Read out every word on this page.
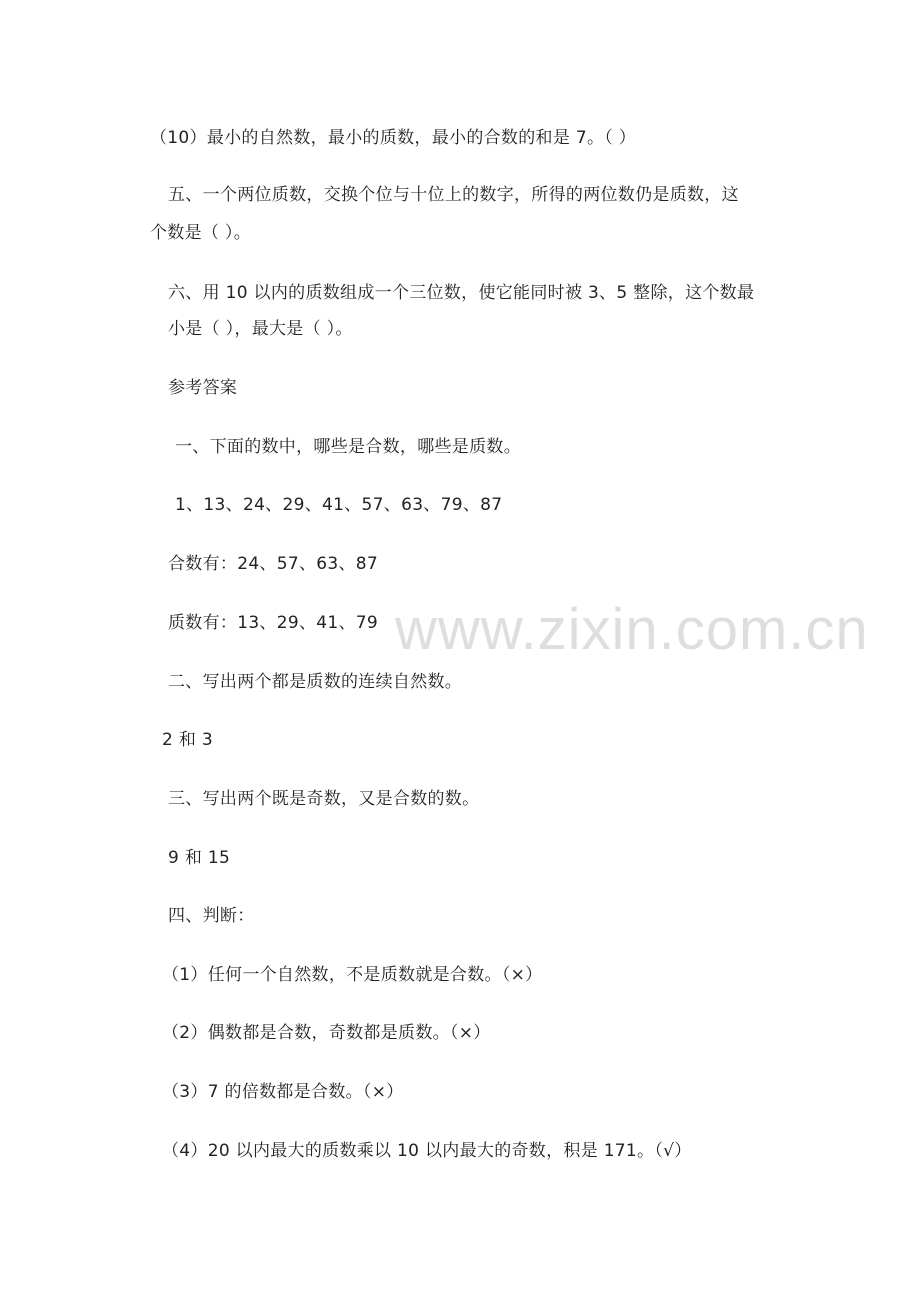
（10）最小的自然数，最小的质数，最小的合数的和是 7。（ ）
五、一个两位质数，交换个位与十位上的数字，所得的两位数仍是质数，这
个数是（ ）。
六、用 10 以内的质数组成一个三位数，使它能同时被 3、5 整除，这个数最
小是（ ），最大是（ ）。
参考答案
一、下面的数中，哪些是合数，哪些是质数。
1、13、24、29、41、57、63、79、87
合数有：24、57、63、87
质数有：13、29、41、79
二、写出两个都是质数的连续自然数。
2 和 3
三、写出两个既是奇数，又是合数的数。
9 和 15
四、判断：
（1）任何一个自然数，不是质数就是合数。（×）
（2）偶数都是合数，奇数都是质数。（×）
（3）7 的倍数都是合数。（×）
（4）20 以内最大的质数乘以 10 以内最大的奇数，积是 171。（√）
www.zixin.com.cn
